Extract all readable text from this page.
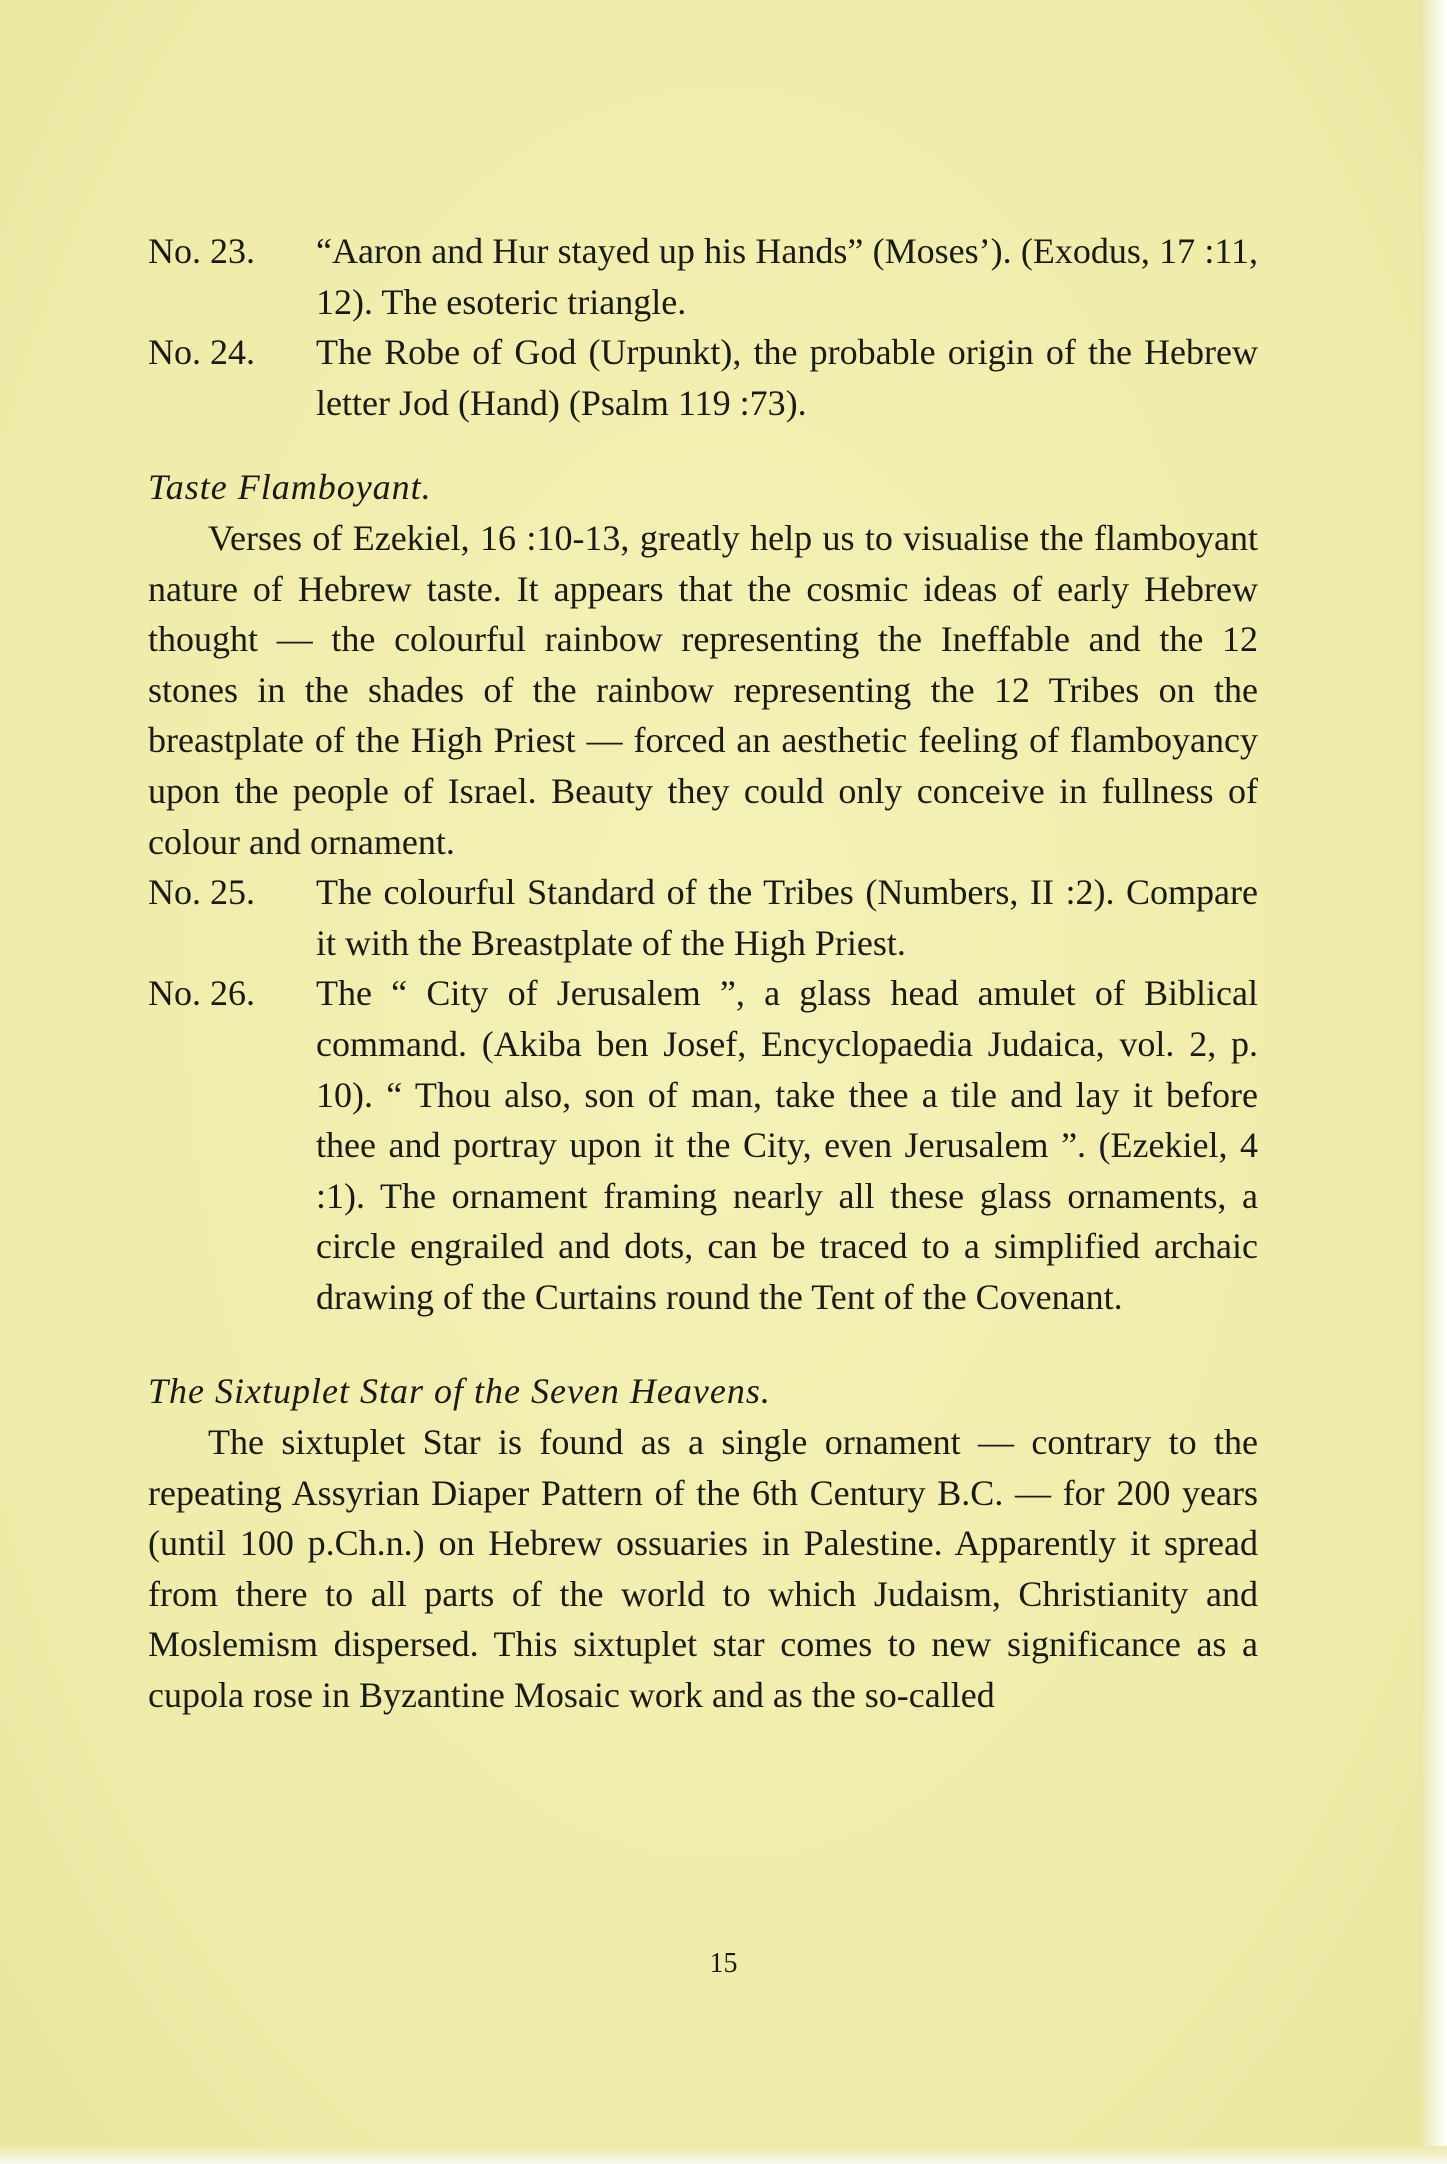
No. 23.	“Aaron and Hur stayed up his Hands” (Moses’). (Exodus, 17 :11, 12). The esoteric triangle.
No. 24.	The Robe of God (Urpunkt), the probable origin of the Hebrew letter Jod (Hand) (Psalm 119 :73).
Taste Flamboyant.
Verses of Ezekiel, 16 :10-13, greatly help us to visualise the flamboyant nature of Hebrew taste. It appears that the cosmic ideas of early Hebrew thought — the colourful rainbow representing the Ineffable and the 12 stones in the shades of the rainbow representing the 12 Tribes on the breastplate of the High Priest — forced an aesthetic feeling of flamboyancy upon the people of Israel. Beauty they could only conceive in fullness of colour and ornament.
No. 25.	The colourful Standard of the Tribes (Numbers, II :2). Compare it with the Breastplate of the High Priest.
No. 26.	The “ City of Jerusalem ”, a glass head amulet of Biblical command. (Akiba ben Josef, Encyclopaedia Judaica, vol. 2, p. 10). “ Thou also, son of man, take thee a tile and lay it before thee and portray upon it the City, even Jerusalem ”. (Ezekiel, 4 :1). The ornament framing nearly all these glass ornaments, a circle engrailed and dots, can be traced to a simplified archaic drawing of the Curtains round the Tent of the Covenant.
The Sixtuplet Star of the Seven Heavens.
The sixtuplet Star is found as a single ornament — contrary to the repeating Assyrian Diaper Pattern of the 6th Century B.C. — for 200 years (until 100 p.Ch.n.) on Hebrew ossuaries in Palestine. Apparently it spread from there to all parts of the world to which Judaism, Christianity and Moslemism dispersed. This sixtuplet star comes to new significance as a cupola rose in Byzantine Mosaic work and as the so-called
15
